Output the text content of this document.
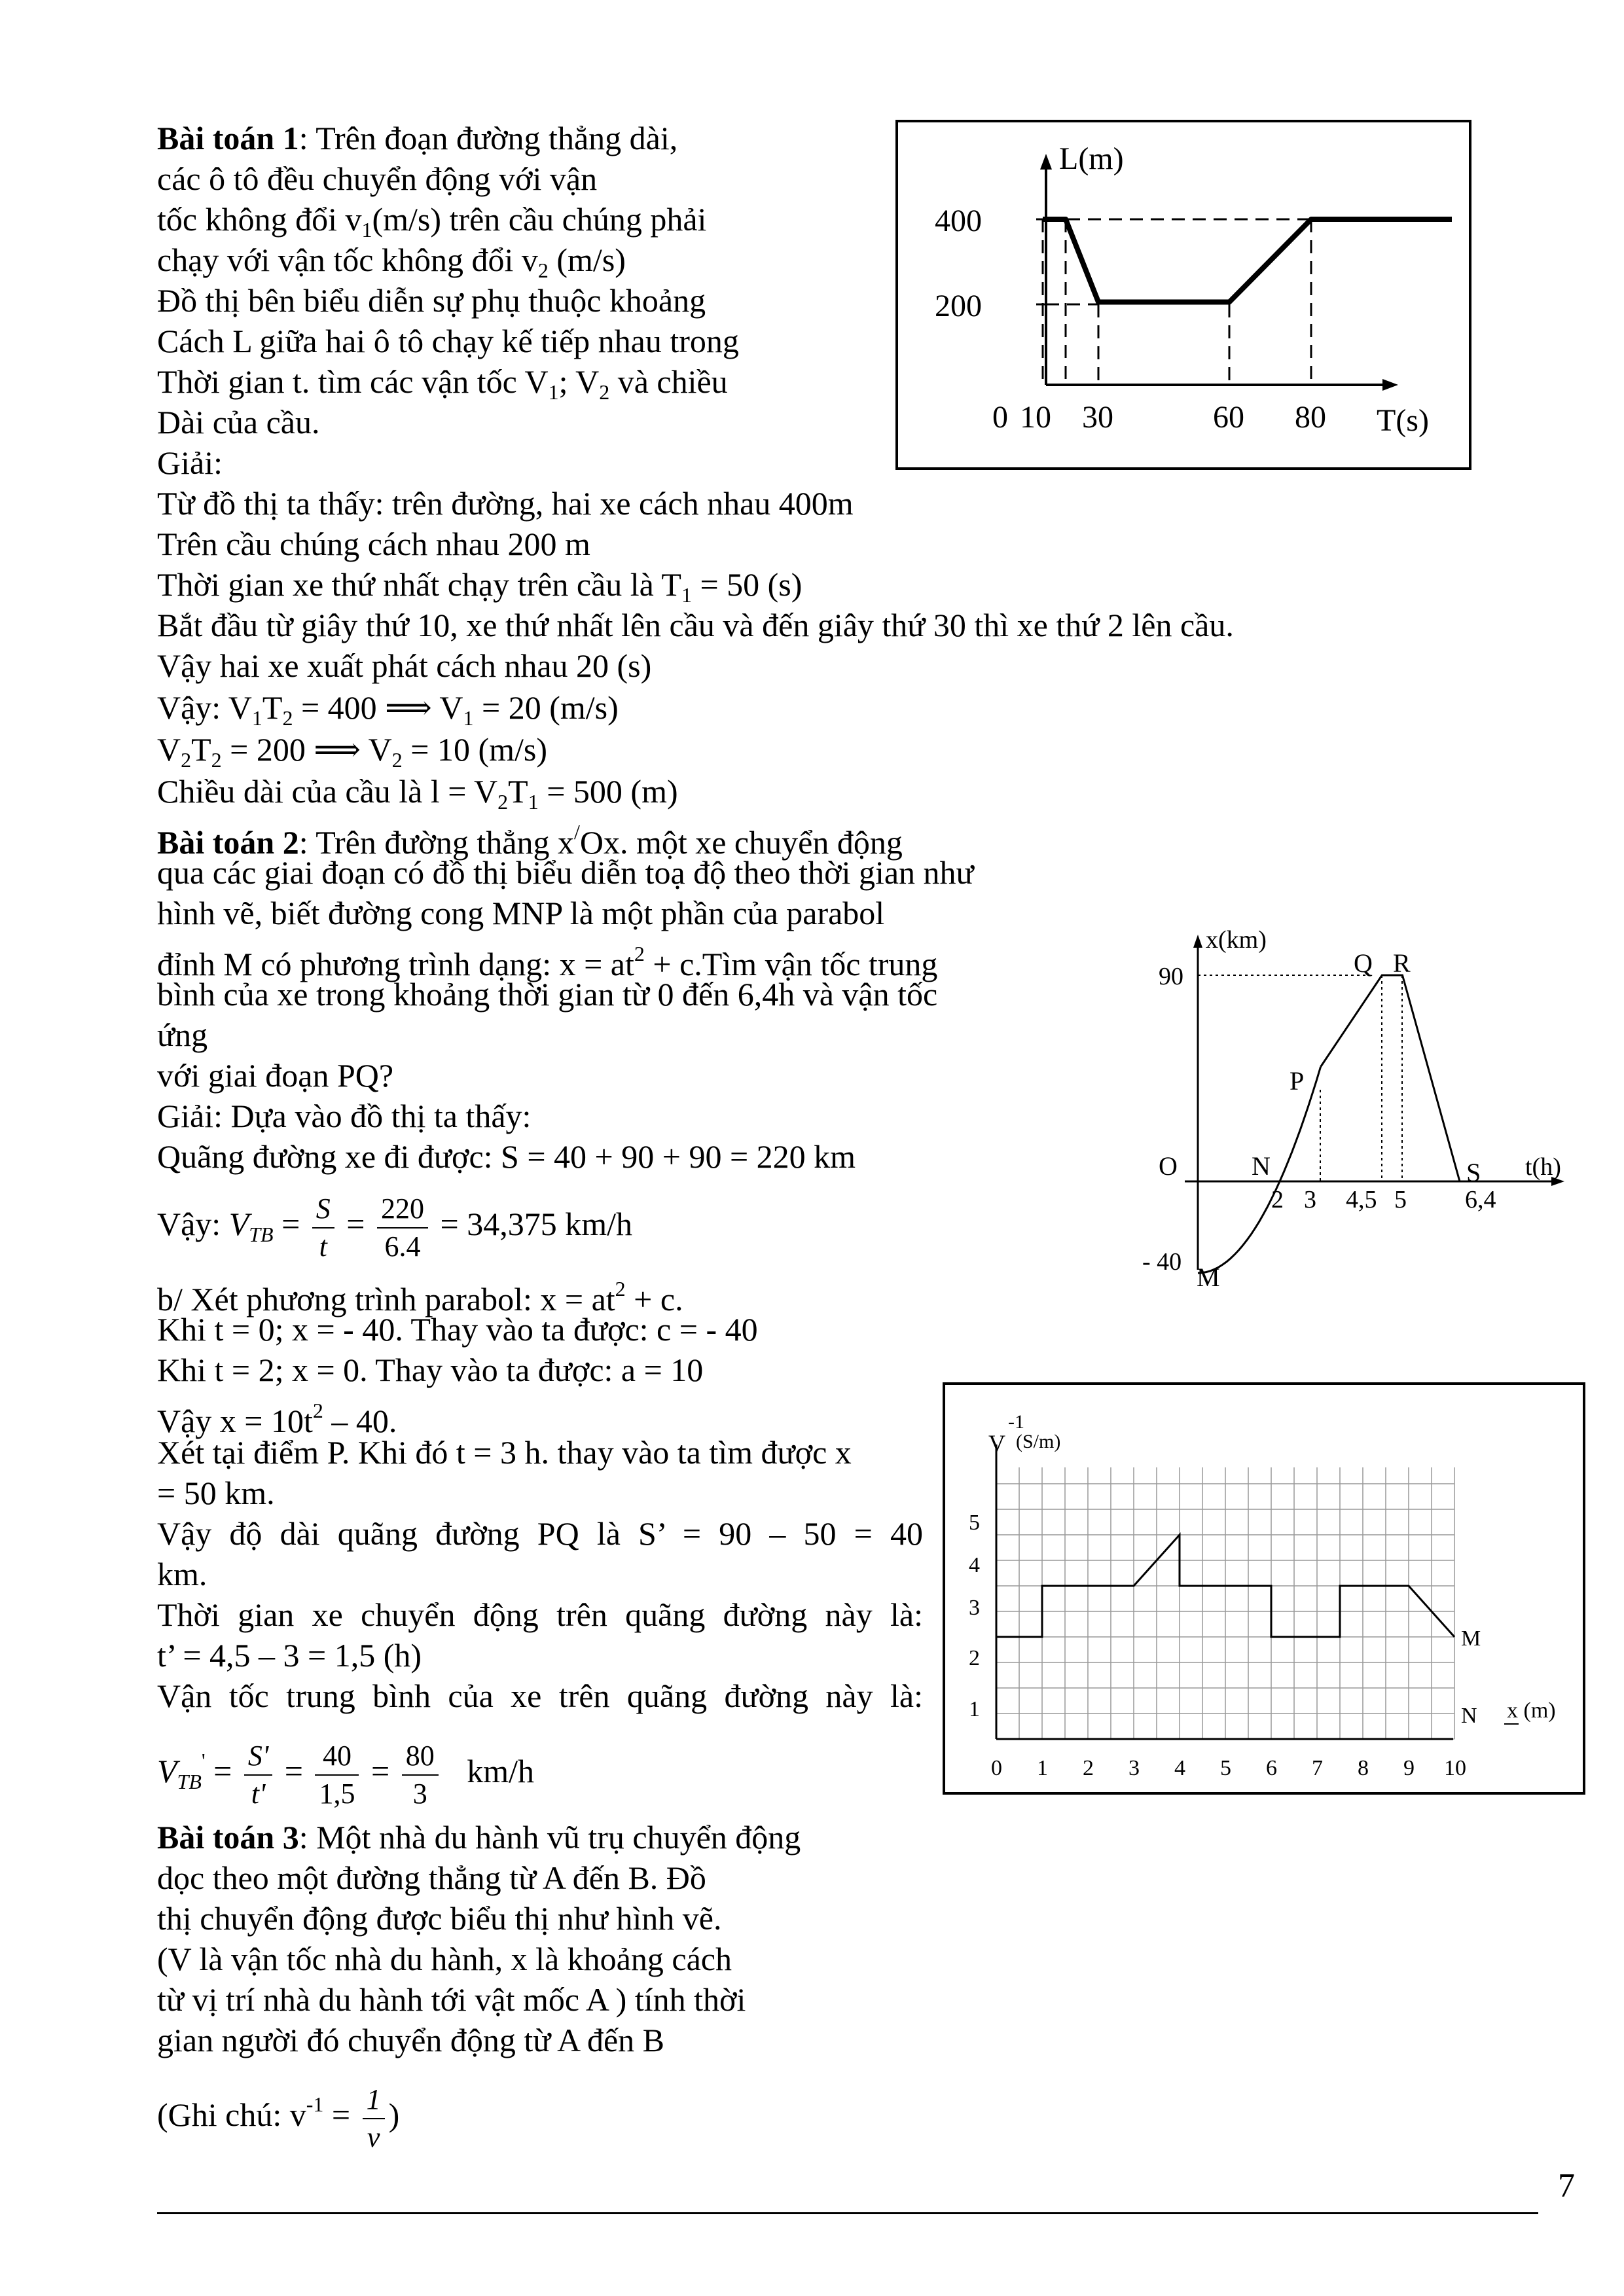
Bài toán 1: Trên đoạn đường thẳng dài,
các ô tô đều chuyển động với vận
tốc không đổi $v_1(m/s)$ trên cầu chúng phải
chạy với vận tốc không đổi $v_2$ (m/s)
Đồ thị bên biểu diễn sự phụ thuộc khoảng
Cách L giữa hai ô tô chạy kế tiếp nhau trong
Thời gian t. tìm các vận tốc $V_1$; $V_2$ và chiều
Dài của cầu.
Giải:
Từ đồ thị ta thấy: trên đường, hai xe cách nhau 400m
Trên cầu chúng cách nhau 200 m
Thời gian xe thứ nhất chạy trên cầu là $T_1 = 50$ (s)
Bắt đầu từ giây thứ 10, xe thứ nhất lên cầu và đến giây thứ 30 thì xe thứ 2 lên cầu.
Vậy hai xe xuất phát cách nhau 20 (s)
Vậy: $V_1T_2 = 400$ ⟹ $V_1 = 20$ (m/s)
$V_2T_2 = 200$ ⟹ $V_2 = 10$ (m/s)
Chiều dài của cầu là $l = V_2T_1 = 500$ (m)
L(m)
400
200
0 10 30	60 80 T(s)
Bài toán 2: Trên đường thẳng x/Ox. một xe chuyển động
qua các giai đoạn có đồ thị biểu diễn toạ độ theo thời gian như
hình vẽ, biết đường cong MNP là một phần của parabol
đỉnh M có phương trình dạng: $x = at^2$ + c.Tìm vận tốc trung
bình của xe trong khoảng thời gian từ 0 đến 6,4h và vận tốc
ứng
với giai đoạn PQ?
Giải: Dựa vào đồ thị ta thấy:
Quãng đường xe đi được: S = 40 + 90 + 90 = 220 km
Vậy: $V_{TB} = \frac{S}{t} = \frac{220}{6.4} = 34,375$ km/h
b/ Xét phương trình parabol: $x = at^2 + c$.
Khi t = 0; x = - 40. Thay vào ta được: c = - 40
Khi t = 2; x = 0. Thay vào ta được: a = 10
Vậy $x = 10t^2 - 40$.
Xét tại điểm P. Khi đó t = 3 h. thay vào ta tìm được x
= 50 km.
Vậy độ dài quãng đường PQ là S’ = 90 – 50 = 40
km.
Thời gian xe chuyển động trên quãng đường này là:
t’ = 4,5 – 3 = 1,5 (h)
Vận tốc trung bình của xe trên quãng đường này là:
$V_{TB}' = \frac{S'}{t'} = \frac{40}{1,5} = \frac{80}{3} km/h$
x(km)
90
- 40
O	N
P
Q R
S
M
2 3 4,5 5 6,4
t(h)
V
-1
(S/m)
1
2
3
4
5
0 1 2 3 4 5 6 7 8 9 10
M
N x (m)
Bài toán 3: Một nhà du hành vũ trụ chuyển động
dọc theo một đường thẳng từ A đến B. Đồ
thị chuyển động được biểu thị như hình vẽ.
(V là vận tốc nhà du hành, x là khoảng cách
từ vị trí nhà du hành tới vật mốc A ) tính thời
gian người đó chuyển động từ A đến B
(Ghi chú: $v^{-1} = \frac{1}{v}$ )
7
